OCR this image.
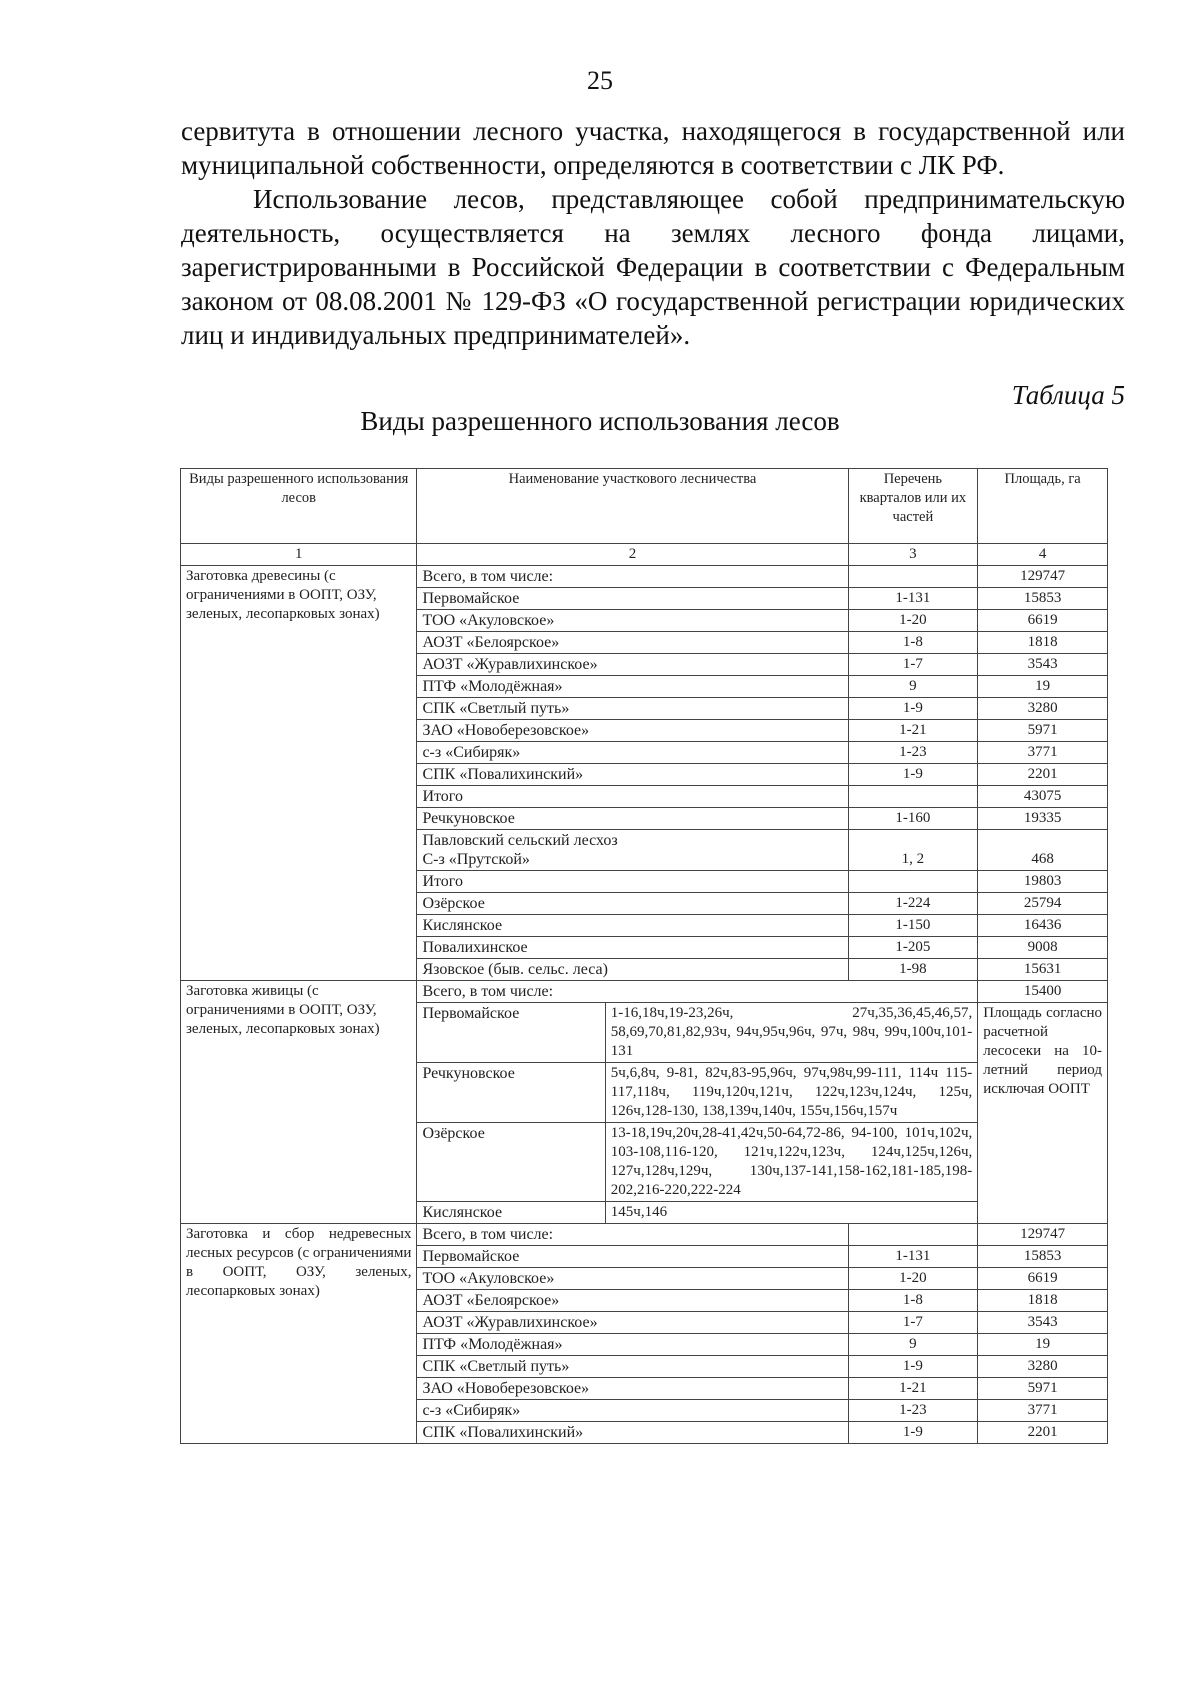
25

сервитута в отношении лесного участка, находящегося в государственной или муниципальной собственности, определяются в соответствии с ЛК РФ.

Использование лесов, представляющее собой предпринимательскую деятельность, осуществляется на землях лесного фонда лицами, зарегистрированными в Российской Федерации в соответствии с Федеральным законом от 08.08.2001 № 129-ФЗ «О государственной регистрации юридических лиц и индивидуальных предпринимателей».

Таблица 5
Виды разрешенного использования лесов
Виды разрешенного использования лесов	Наименование участкового лесничества		Перечень кварталов или их частей	Площадь, га
1	2		3	4
Заготовка древесины (с ограничениями в ООПТ, ОЗУ, зеленых, лесопарковых зонах)	Всего, в том числе:			129747
	Первомайское		1-131	15853
	ТОО «Акуловское»		1-20	6619
	АОЗТ «Белоярское»		1-8	1818
	АОЗТ «Журавлихинское»		1-7	3543
	ПТФ «Молодёжная»		9	19
	СПК «Светлый путь»		1-9	3280
	ЗАО «Новоберезовское»		1-21	5971
	с-з «Сибиряк»		1-23	3771
	СПК «Повалихинский»		1-9	2201
	Итого			43075
	Речкуновское		1-160	19335

	Павловский сельский лесхоз
С-з «Прутской»		1, 2	468
	Итого			19803
	Озёрское		1-224	25794
	Кислянское		1-150	16436
	Повалихинское		1-205	9008
	Язовское (быв. сельс. леса)		1-98	15631
Заготовка живицы (с ограничениями в ООПТ, ОЗУ, зеленых, лесопарковых зонах)	Всего, в том числе:			15400
	Первомайское	1-16,18ч,19-23,26ч, 27ч,35,36,45,46,57, 58,69,70,81,82,93ч, 94ч,95ч,96ч, 97ч, 98ч, 99ч,100ч,101-131		Площадь согласно расчетной лесосеки на 10-летний период исключая ООПТ
	Речкуновское	5ч,6,8ч, 9-81, 82ч,83-95,96ч, 97ч,98ч,99-111, 114ч 115-117,118ч, 119ч,120ч,121ч, 122ч,123ч,124ч, 125ч, 126ч,128-130, 138,139ч,140ч, 155ч,156ч,157ч		
	Озёрское	13-18,19ч,20ч,28-41,42ч,50-64,72-86, 94-100, 101ч,102ч, 103-108,116-120, 121ч,122ч,123ч, 124ч,125ч,126ч, 127ч,128ч,129ч, 130ч,137-141,158-162,181-185,198-202,216-220,222-224		
	Кислянское	145ч,146		
Заготовка и сбор недревесных лесных ресурсов (с ограничениями в ООПТ, ОЗУ, зеленых, лесопарковых зонах)	Всего, в том числе:			129747
	Первомайское		1-131	15853
	ТОО «Акуловское»		1-20	6619
	АОЗТ «Белоярское»		1-8	1818
	АОЗТ «Журавлихинское»		1-7	3543
	ПТФ «Молодёжная»		9	19
	СПК «Светлый путь»		1-9	3280
	ЗАО «Новоберезовское»		1-21	5971
	с-з «Сибиряк»		1-23	3771
	СПК «Повалихинский»		1-9	2201
